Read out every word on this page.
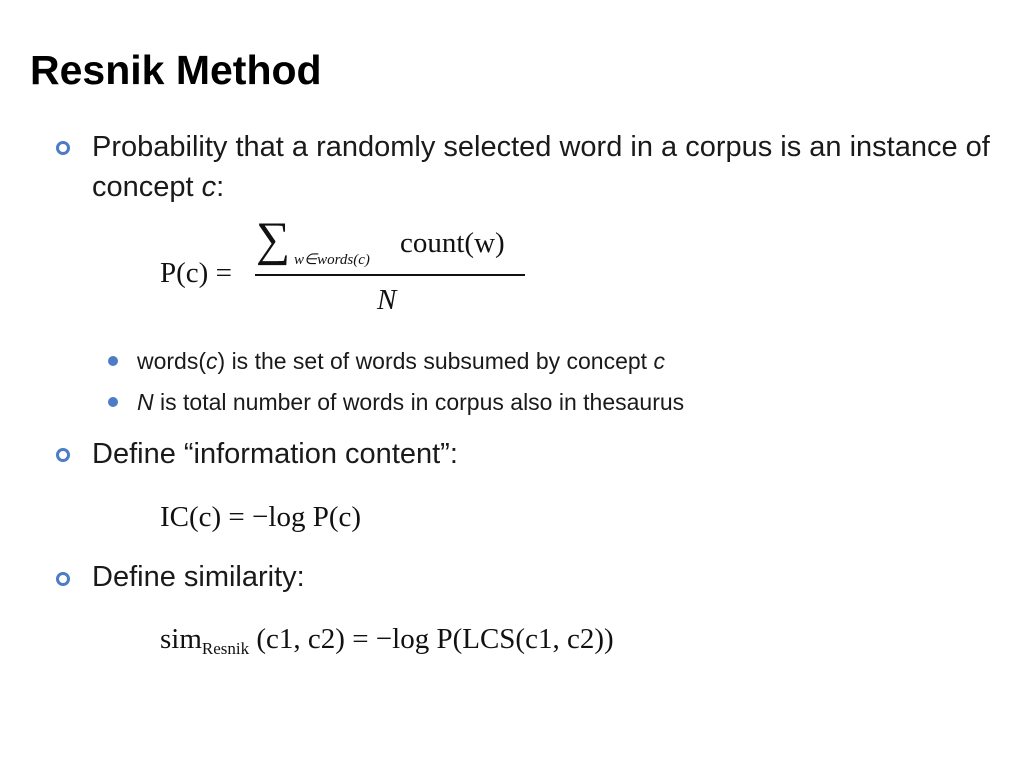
Resnik Method
Probability that a randomly selected word in a corpus is an instance of concept c:
P(c) =
∑ w∈words(c)
count(w)
N
words(c) is the set of words subsumed by concept c
N is total number of words in corpus also in thesaurus
Define “information content”:
IC(c) = −log P(c)
Define similarity:
sim$_{Resnik}$ (c1, c2) = −log P(LCS(c1, c2))
